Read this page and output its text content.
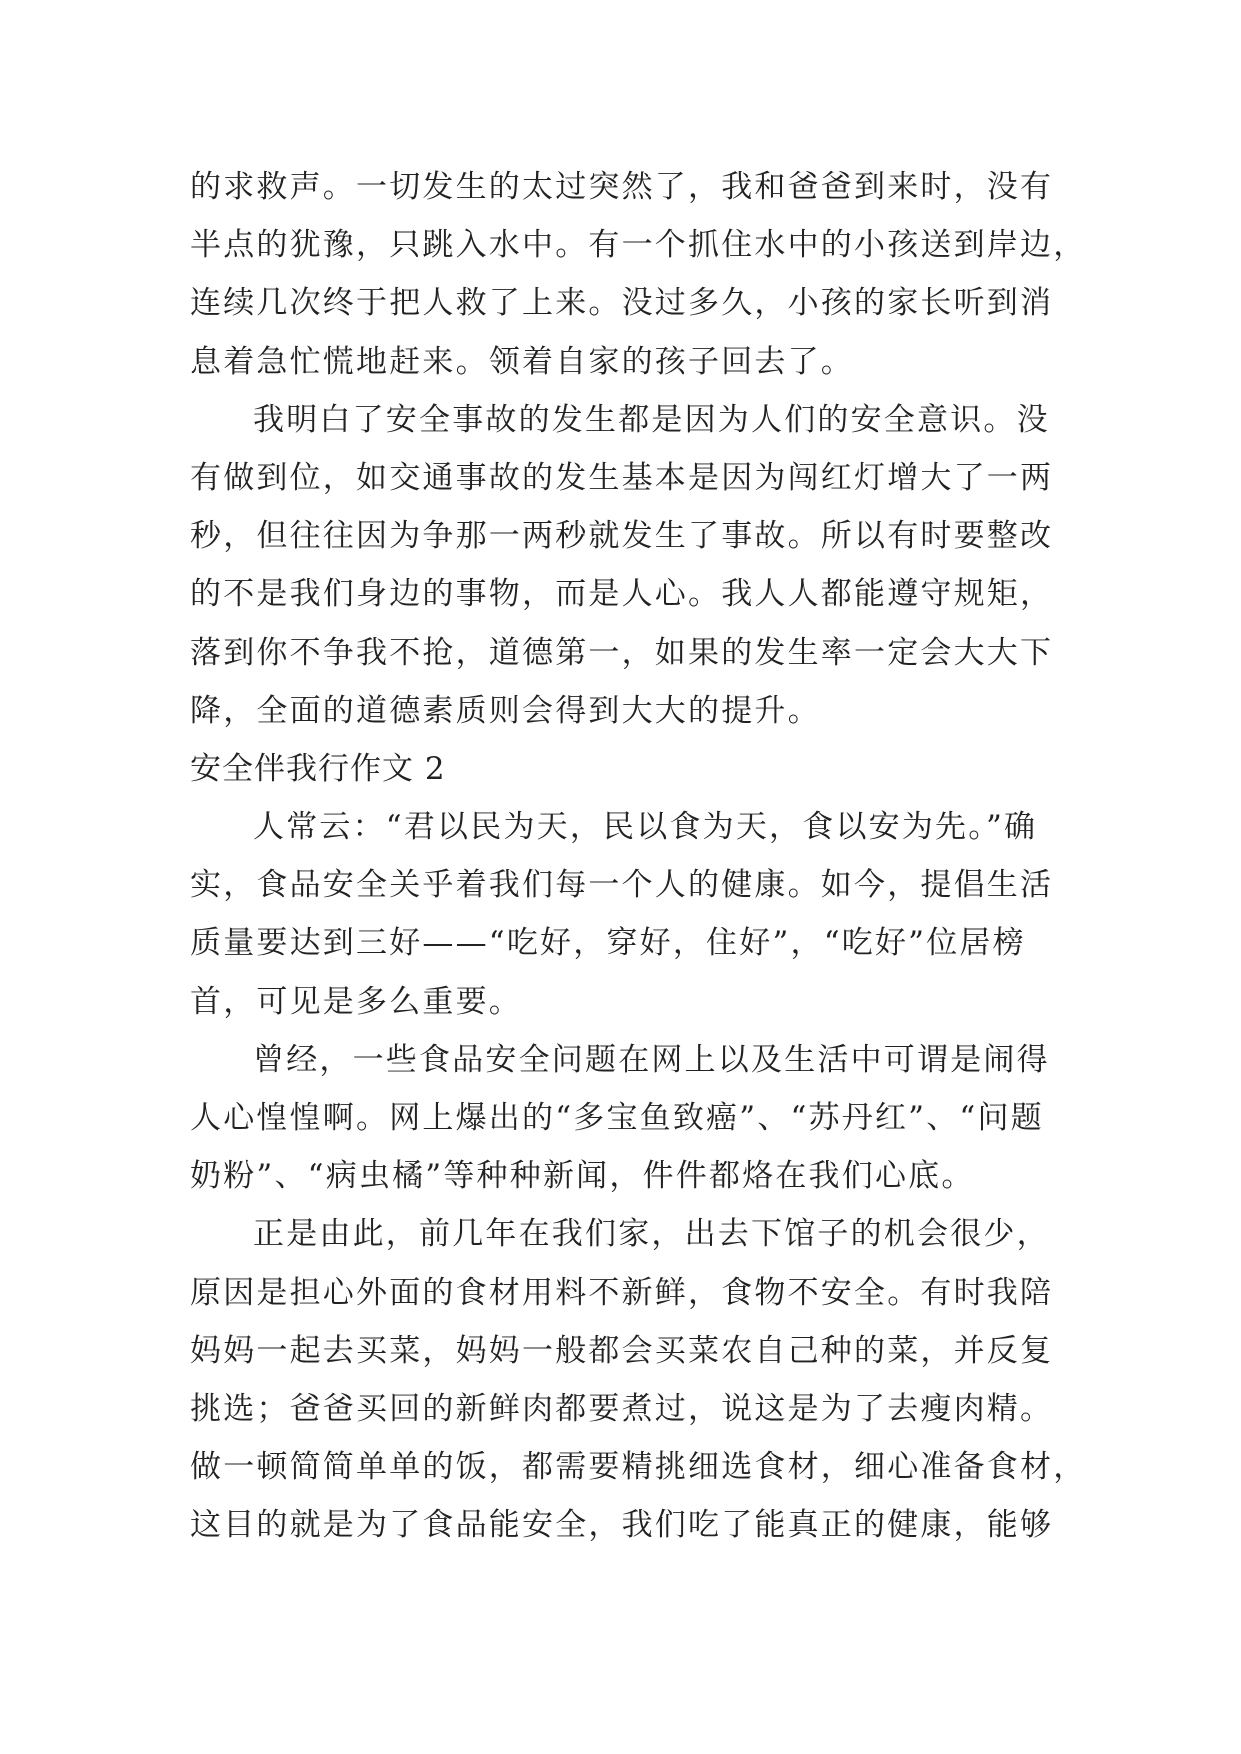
的求救声。一切发生的太过突然了，我和爸爸到来时，没有
半点的犹豫，只跳入水中。有一个抓住水中的小孩送到岸边，
连续几次终于把人救了上来。没过多久，小孩的家长听到消
息着急忙慌地赶来。领着自家的孩子回去了。
我明白了安全事故的发生都是因为人们的安全意识。没
有做到位，如交通事故的发生基本是因为闯红灯增大了一两
秒，但往往因为争那一两秒就发生了事故。所以有时要整改
的不是我们身边的事物，而是人心。我人人都能遵守规矩，
落到你不争我不抢，道德第一，如果的发生率一定会大大下
降，全面的道德素质则会得到大大的提升。
安全伴我行作文 2
人常云：“君以民为天，民以食为天，食以安为先。”确
实，食品安全关乎着我们每一个人的健康。如今，提倡生活
质量要达到三好——“吃好，穿好，住好”，“吃好”位居榜
首，可见是多么重要。
曾经，一些食品安全问题在网上以及生活中可谓是闹得
人心惶惶啊。网上爆出的“多宝鱼致癌”、“苏丹红”、“问题
奶粉”、“病虫橘”等种种新闻，件件都烙在我们心底。
正是由此，前几年在我们家，出去下馆子的机会很少，
原因是担心外面的食材用料不新鲜，食物不安全。有时我陪
妈妈一起去买菜，妈妈一般都会买菜农自己种的菜，并反复
挑选；爸爸买回的新鲜肉都要煮过，说这是为了去瘦肉精。
做一顿简简单单的饭，都需要精挑细选食材，细心准备食材，
这目的就是为了食品能安全，我们吃了能真正的健康，能够
